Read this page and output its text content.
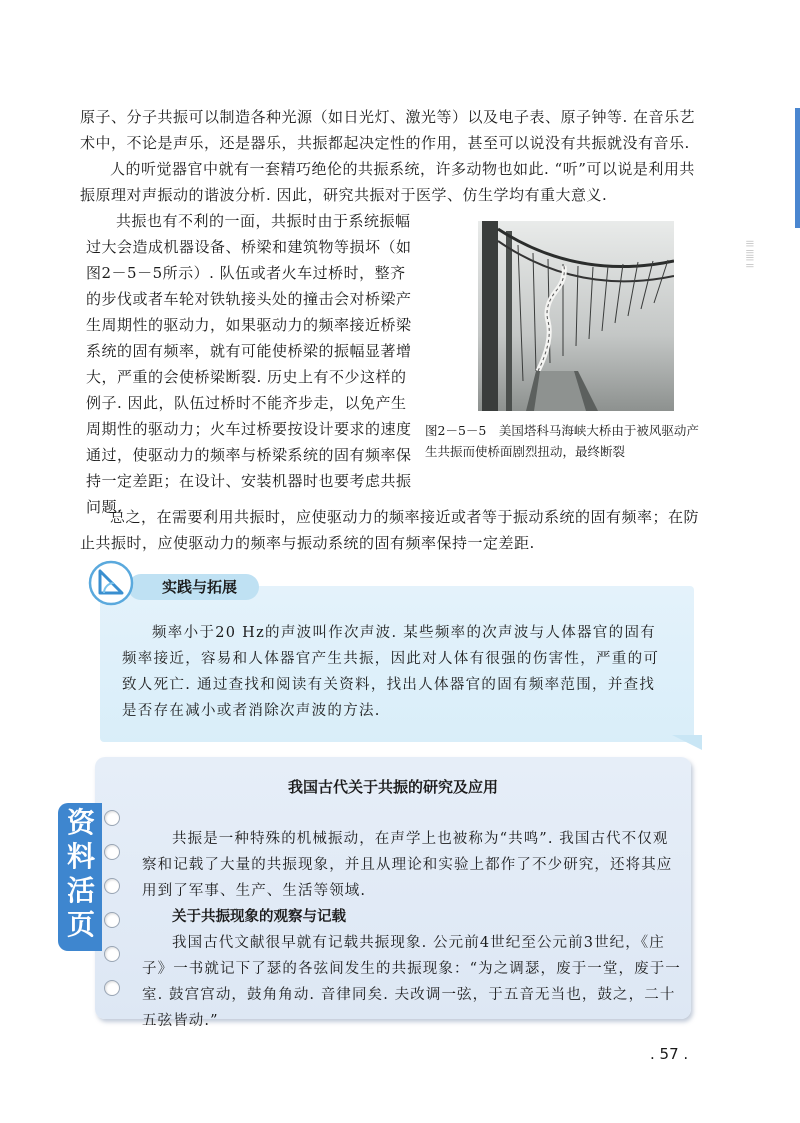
||| ||||| ||

原子、分子共振可以制造各种光源（如日光灯、激光等）以及电子表、原子钟等. 在音乐艺术中，不论是声乐，还是器乐，共振都起决定性的作用，甚至可以说没有共振就没有音乐.

人的听觉器官中就有一套精巧绝伦的共振系统，许多动物也如此. “听”可以说是利用共振原理对声振动的谐波分析. 因此，研究共振对于医学、仿生学均有重大意义.

共振也有不利的一面，共振时由于系统振幅过大会造成机器设备、桥梁和建筑物等损坏（如图2－5－5所示）. 队伍或者火车过桥时，整齐的步伐或者车轮对铁轨接头处的撞击会对桥梁产生周期性的驱动力，如果驱动力的频率接近桥梁系统的固有频率，就有可能使桥梁的振幅显著增大，严重的会使桥梁断裂. 历史上有不少这样的例子. 因此，队伍过桥时不能齐步走，以免产生周期性的驱动力；火车过桥要按设计要求的速度通过，使驱动力的频率与桥梁系统的固有频率保持一定差距；在设计、安装机器时也要考虑共振问题.

图2－5－5　美国塔科马海峡大桥由于被风驱动产生共振而使桥面剧烈扭动，最终断裂

总之，在需要利用共振时，应使驱动力的频率接近或者等于振动系统的固有频率；在防止共振时，应使驱动力的频率与振动系统的固有频率保持一定差距.

实践与拓展

频率小于20 Hz的声波叫作次声波. 某些频率的次声波与人体器官的固有频率接近，容易和人体器官产生共振，因此对人体有很强的伤害性，严重的可致人死亡. 通过查找和阅读有关资料，找出人体器官的固有频率范围，并查找是否存在减小或者消除次声波的方法.

资料活页

我国古代关于共振的研究及应用

共振是一种特殊的机械振动，在声学上也被称为“共鸣”. 我国古代不仅观察和记载了大量的共振现象，并且从理论和实验上都作了不少研究，还将其应用到了军事、生产、生活等领域.

关于共振现象的观察与记载

我国古代文献很早就有记载共振现象. 公元前4世纪至公元前3世纪，《庄子》一书就记下了瑟的各弦间发生的共振现象：“为之调瑟，废于一堂，废于一室. 鼓宫宫动，鼓角角动. 音律同矣. 夫改调一弦，于五音无当也，鼓之，二十五弦皆动.”

. 57 .
